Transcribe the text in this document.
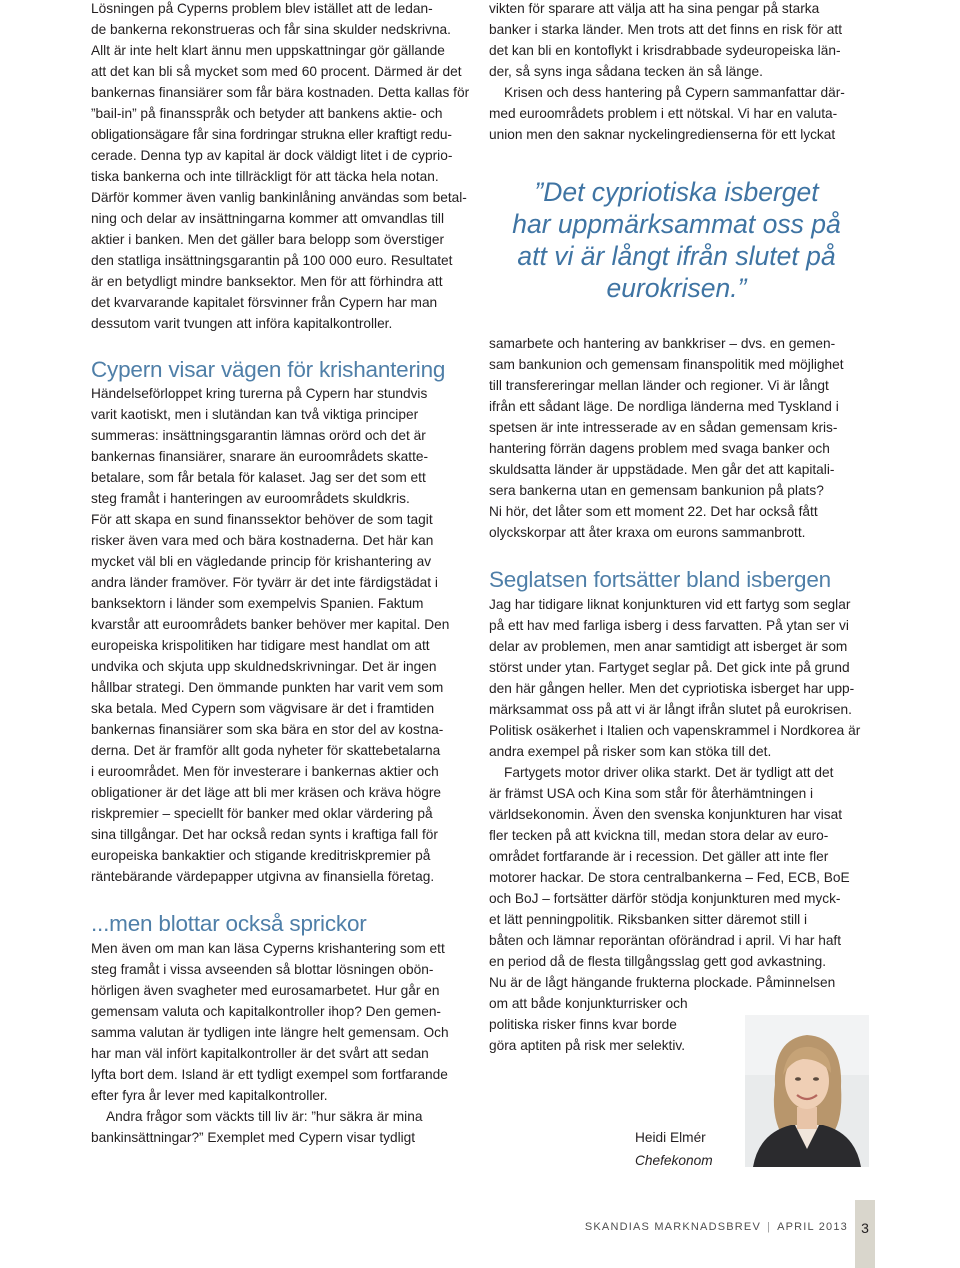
Lösningen på Cyperns problem blev istället att de ledan-
de bankerna rekonstrueras och får sina skulder nedskrivna.
Allt är inte helt klart ännu men uppskattningar gör gällande
att det kan bli så mycket som med 60 procent. Därmed är det
bankernas finansiärer som får bära kostnaden. Detta kallas för
”bail-in” på finansspråk och betyder att bankens aktie- och
obligationsägare får sina fordringar strukna eller kraftigt redu-
cerade. Denna typ av kapital är dock väldigt litet i de cyprio-
tiska bankerna och inte tillräckligt för att täcka hela notan.
Därför kommer även vanlig bankinlåning användas som betal-
ning och delar av insättningarna kommer att omvandlas till
aktier i banken. Men det gäller bara belopp som överstiger
den statliga insättningsgarantin på 100 000 euro. Resultatet
är en betydligt mindre banksektor. Men för att förhindra att
det kvarvarande kapitalet försvinner från Cypern har man
dessutom varit tvungen att införa kapitalkontroller.
Cypern visar vägen för krishantering
Händelseförloppet kring turerna på Cypern har stundvis
varit kaotiskt, men i slutändan kan två viktiga principer
summeras: insättningsgarantin lämnas orörd och det är
bankernas finansiärer, snarare än euroområdets skatte-
betalare, som får betala för kalaset. Jag ser det som ett
steg framåt i hanteringen av euroområdets skuldkris.
För att skapa en sund finanssektor behöver de som tagit
risker även vara med och bära kostnaderna. Det här kan
mycket väl bli en vägledande princip för krishantering av
andra länder framöver. För tyvärr är det inte färdigstädat i
banksektorn i länder som exempelvis Spanien. Faktum
kvarstår att euroområdets banker behöver mer kapital. Den
europeiska krispolitiken har tidigare mest handlat om att
undvika och skjuta upp skuldnedskrivningar. Det är ingen
hållbar strategi. Den ömmande punkten har varit vem som
ska betala. Med Cypern som vägvisare är det i framtiden
bankernas finansiärer som ska bära en stor del av kostna-
derna. Det är framför allt goda nyheter för skattebetalarna
i euroområdet. Men för investerare i bankernas aktier och
obligationer är det läge att bli mer kräsen och kräva högre
riskpremier – speciellt för banker med oklar värdering på
sina tillgångar. Det har också redan synts i kraftiga fall för
europeiska bankaktier och stigande kreditriskpremier på
räntebärande värdepapper utgivna av finansiella företag.
...men blottar också sprickor
Men även om man kan läsa Cyperns krishantering som ett
steg framåt i vissa avseenden så blottar lösningen obön-
hörligen även svagheter med eurosamarbetet. Hur går en
gemensam valuta och kapitalkontroller ihop? Den gemen-
samma valutan är tydligen inte längre helt gemensam. Och
har man väl infört kapitalkontroller är det svårt att sedan
lyfta bort dem. Island är ett tydligt exempel som fortfarande
efter fyra år lever med kapitalkontroller.
Andra frågor som väckts till liv är: ”hur säkra är mina
bankinsättningar?” Exemplet med Cypern visar tydligt
vikten för sparare att välja att ha sina pengar på starka
banker i starka länder. Men trots att det finns en risk för att
det kan bli en kontoflykt i krisdrabbade sydeuropeiska län-
der, så syns inga sådana tecken än så länge.
Krisen och dess hantering på Cypern sammanfattar där-
med euroområdets problem i ett nötskal. Vi har en valuta-
union men den saknar nyckelingredienserna för ett lyckat
samarbete och hantering av bankkriser – dvs. en gemen-
sam bankunion och gemensam finanspolitik med möjlighet
till transfereringar mellan länder och regioner. Vi är långt
ifrån ett sådant läge. De nordliga länderna med Tyskland i
spetsen är inte intresserade av en sådan gemensam kris-
hantering förrän dagens problem med svaga banker och
skuldsatta länder är uppstädade. Men går det att kapitali-
sera bankerna utan en gemensam bankunion på plats?
Ni hör, det låter som ett moment 22. Det har också fått
olyckskorpar att åter kraxa om eurons sammanbrott.
Seglatsen fortsätter bland isbergen
Jag har tidigare liknat konjunkturen vid ett fartyg som seglar
på ett hav med farliga isberg i dess farvatten. På ytan ser vi
delar av problemen, men anar samtidigt att isberget är som
störst under ytan. Fartyget seglar på. Det gick inte på grund
den här gången heller. Men det cypriotiska isberget har upp-
märksammat oss på att vi är långt ifrån slutet på eurokrisen.
Politisk osäkerhet i Italien och vapenskrammel i Nordkorea är
andra exempel på risker som kan stöka till det.
Fartygets motor driver olika starkt. Det är tydligt att det
är främst USA och Kina som står för återhämtningen i
världsekonomin. Även den svenska konjunkturen har visat
fler tecken på att kvickna till, medan stora delar av euro-
området fortfarande är i recession. Det gäller att inte fler
motorer hackar. De stora centralbankerna – Fed, ECB, BoE
och BoJ – fortsätter därför stödja konjunkturen med myck-
et lätt penningpolitik. Riksbanken sitter däremot still i
båten och lämnar reporäntan oförändrad i april. Vi har haft
en period då de flesta tillgångsslag gett god avkastning.
Nu är de lågt hängande frukterna plockade. Påminnelsen
om att både konjunkturrisker och
politiska risker finns kvar borde
göra aptiten på risk mer selektiv.
”Det cypriotiska isberget
har uppmärksammat oss på
att vi är långt ifrån slutet på
eurokrisen.”
Heidi Elmér
Chefekonom
SKANDIAS MARKNADSBREV | APRIL 2013 3
